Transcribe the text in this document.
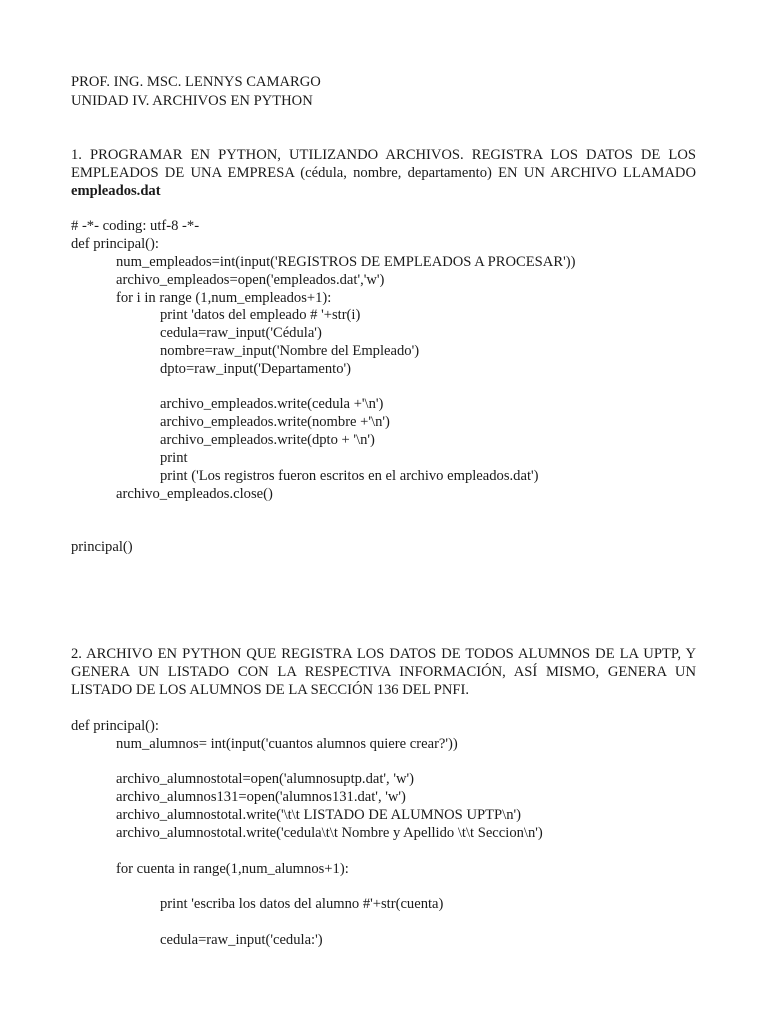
PROF. ING. MSC. LENNYS CAMARGO
UNIDAD IV. ARCHIVOS EN PYTHON
1. PROGRAMAR EN PYTHON, UTILIZANDO ARCHIVOS. REGISTRA LOS DATOS DE LOS
EMPLEADOS DE UNA EMPRESA (cédula, nombre, departamento) EN UN ARCHIVO LLAMADO
empleados.dat
# -*- coding: utf-8 -*-
def principal():
num_empleados=int(input('REGISTROS DE EMPLEADOS A PROCESAR'))
archivo_empleados=open('empleados.dat','w')
for i in range (1,num_empleados+1):
print 'datos del empleado # '+str(i)
cedula=raw_input('Cédula')
nombre=raw_input('Nombre del Empleado')
dpto=raw_input('Departamento')
archivo_empleados.write(cedula +'\n')
archivo_empleados.write(nombre +'\n')
archivo_empleados.write(dpto + '\n')
print
print ('Los registros fueron escritos en el archivo empleados.dat')
archivo_empleados.close()
principal()
2. ARCHIVO EN PYTHON QUE REGISTRA LOS DATOS DE TODOS ALUMNOS DE LA UPTP, Y
GENERA UN LISTADO CON LA RESPECTIVA INFORMACIÓN, ASÍ MISMO, GENERA UN
LISTADO DE LOS ALUMNOS DE LA SECCIÓN 136 DEL PNFI.
def principal():
num_alumnos= int(input('cuantos alumnos quiere crear?'))
archivo_alumnostotal=open('alumnosuptp.dat', 'w')
archivo_alumnos131=open('alumnos131.dat', 'w')
archivo_alumnostotal.write('\t\t LISTADO DE ALUMNOS UPTP\n')
archivo_alumnostotal.write('cedula\t\t Nombre y Apellido \t\t Seccion\n')
for cuenta in range(1,num_alumnos+1):
print 'escriba los datos del alumno #'+str(cuenta)
cedula=raw_input('cedula:')
